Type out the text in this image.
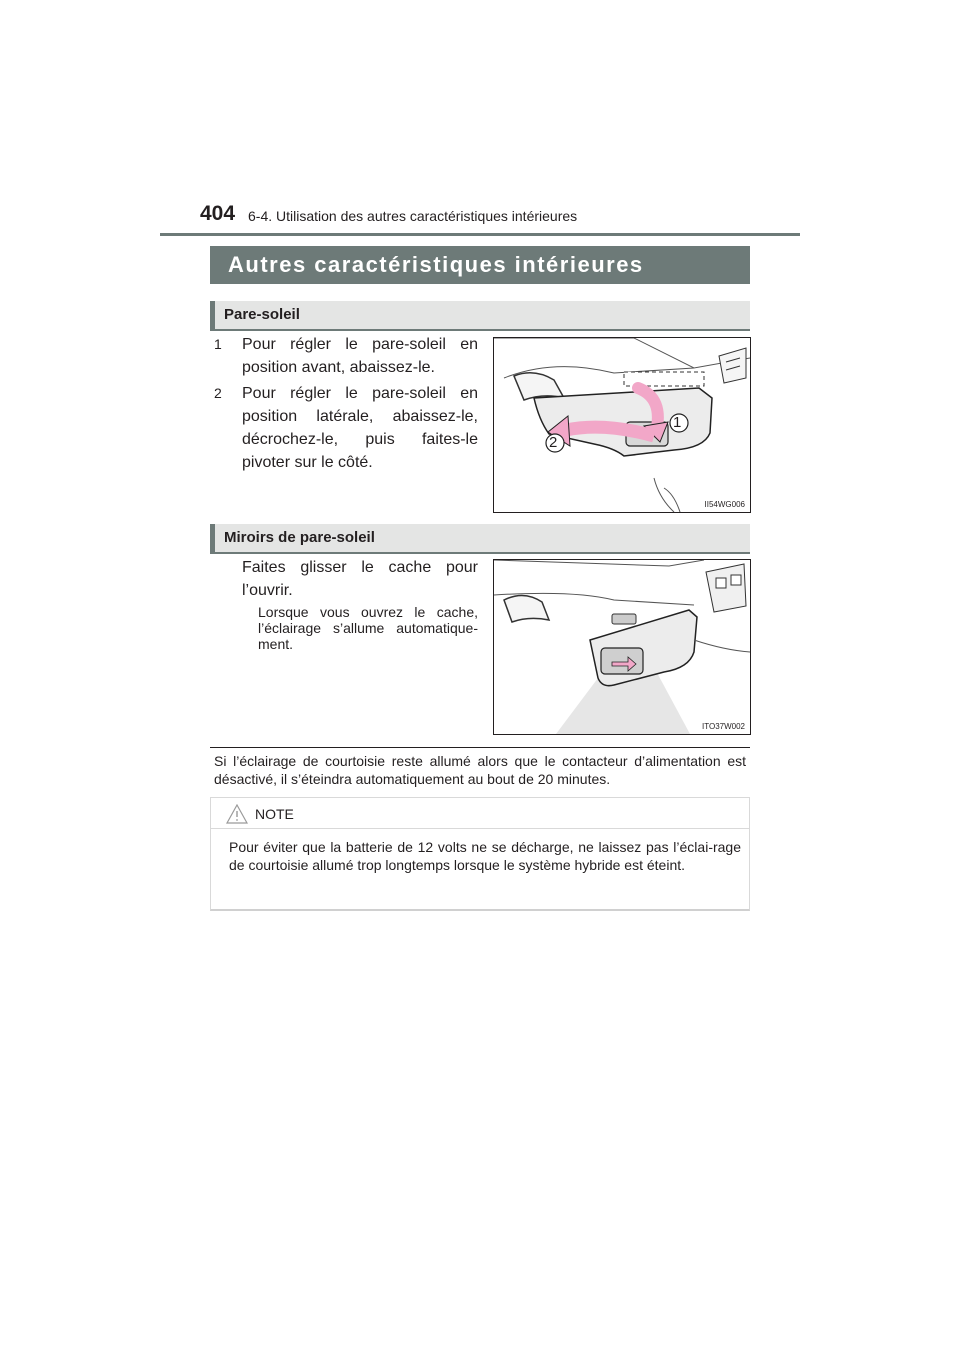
404 6-4. Utilisation des autres caractéristiques intérieures
Autres caractéristiques intérieures
Pare-soleil
1 Pour régler le pare-soleil en position avant, abaissez-le.
2 Pour régler le pare-soleil en position latérale, abaissez-le, décrochez-le, puis faites-le pivoter sur le côté.
1
2
II54WG006
Miroirs de pare-soleil
Faites glisser le cache pour l’ouvrir.
Lorsque vous ouvrez le cache, l’éclairage s’allume automatique-ment.
ITO37W002
Si l’éclairage de courtoisie reste allumé alors que le contacteur d’alimentation est désactivé, il s’éteindra automatiquement au bout de 20 minutes.
NOTE
Pour éviter que la batterie de 12 volts ne se décharge, ne laissez pas l’éclai-rage de courtoisie allumé trop longtemps lorsque le système hybride est éteint.
